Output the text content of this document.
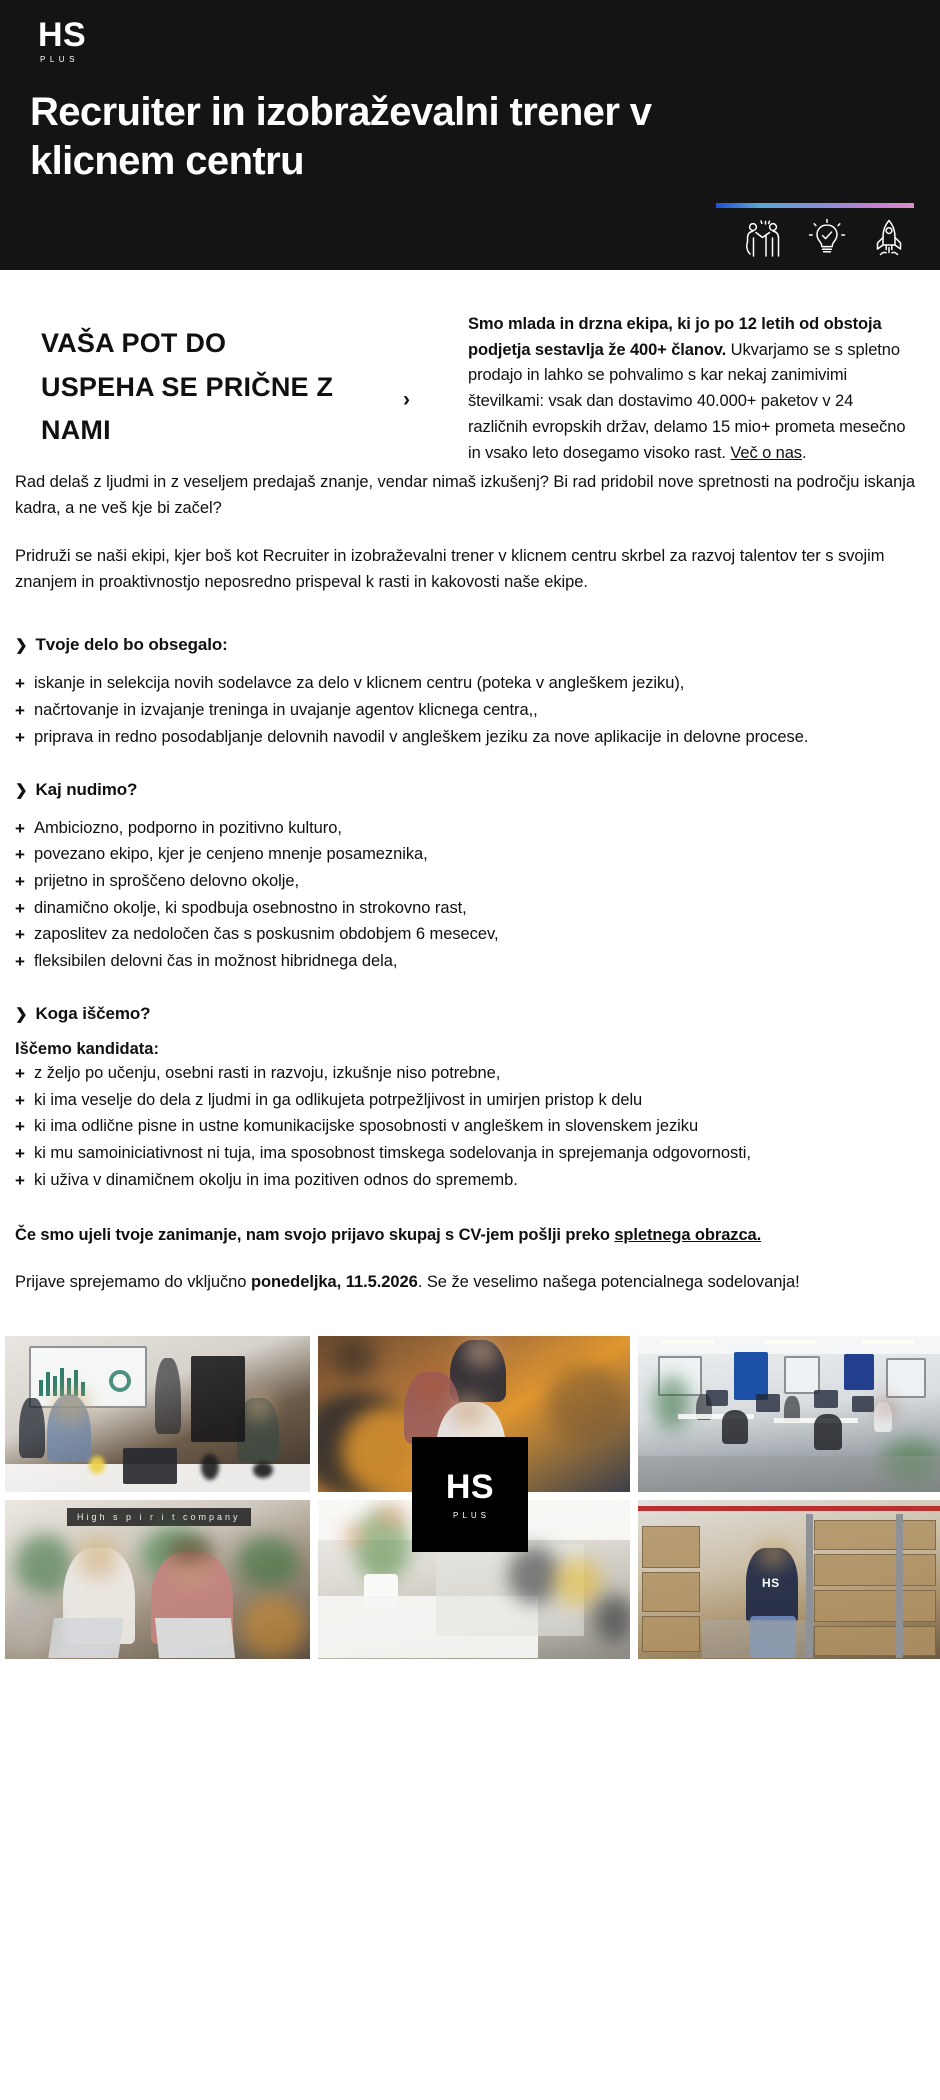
HS
PLUS
Recruiter in izobraževalni trener v klicnem centru
VAŠA POT DO USPEHA SE PRIČNE Z NAMI
›
Smo mlada in drzna ekipa, ki jo po 12 letih od obstoja podjetja sestavlja že 400+ članov. Ukvarjamo se s spletno prodajo in lahko se pohvalimo s kar nekaj zanimivimi številkami: vsak dan dostavimo 40.000+ paketov v 24 različnih evropskih držav, delamo 15 mio+ prometa mesečno in vsako leto dosegamo visoko rast. Več o nas.

Rad delaš z ljudmi in z veseljem predajaš znanje, vendar nimaš izkušenj? Bi rad pridobil nove spretnosti na področju iskanja kadra, a ne veš kje bi začel?

Pridruži se naši ekipi, kjer boš kot Recruiter in izobraževalni trener v klicnem centru skrbel za razvoj talentov ter s svojim znanjem in proaktivnostjo neposredno prispeval k rasti in kakovosti naše ekipe.

❯ Tvoje delo bo obsegalo:
+ iskanje in selekcija novih sodelavce za delo v klicnem centru (poteka v angleškem jeziku),
+ načrtovanje in izvajanje treninga in uvajanje agentov klicnega centra,,
+ priprava in redno posodabljanje delovnih navodil v angleškem jeziku za nove aplikacije in delovne procese.
❯ Kaj nudimo?
+ Ambiciozno, podporno in pozitivno kulturo,
+ povezano ekipo, kjer je cenjeno mnenje posameznika,
+ prijetno in sproščeno delovno okolje,
+ dinamično okolje, ki spodbuja osebnostno in strokovno rast,
+ zaposlitev za nedoločen čas s poskusnim obdobjem 6 mesecev,
+ fleksibilen delovni čas in možnost hibridnega dela,
❯ Koga iščemo?

Iščemo kandidata:

+ z željo po učenju, osebni rasti in razvoju, izkušnje niso potrebne,
+ ki ima veselje do dela z ljudmi in ga odlikujeta potrpežljivost in umirjen pristop k delu
+ ki ima odlične pisne in ustne komunikacijske sposobnosti v angleškem in slovenskem jeziku
+ ki mu samoiniciativnost ni tuja, ima sposobnost timskega sodelovanja in sprejemanja odgovornosti,
+ ki uživa v dinamičnem okolju in ima pozitiven odnos do sprememb.

Če smo ujeli tvoje zanimanje, nam svojo prijavo skupaj s CV-jem pošlji preko spletnega obrazca.

Prijave sprejemamo do vključno ponedeljka, 11.5.2026. Se že veselimo našega potencialnega sodelovanja!

High s p i r i t company
HS
HS
PLUS
